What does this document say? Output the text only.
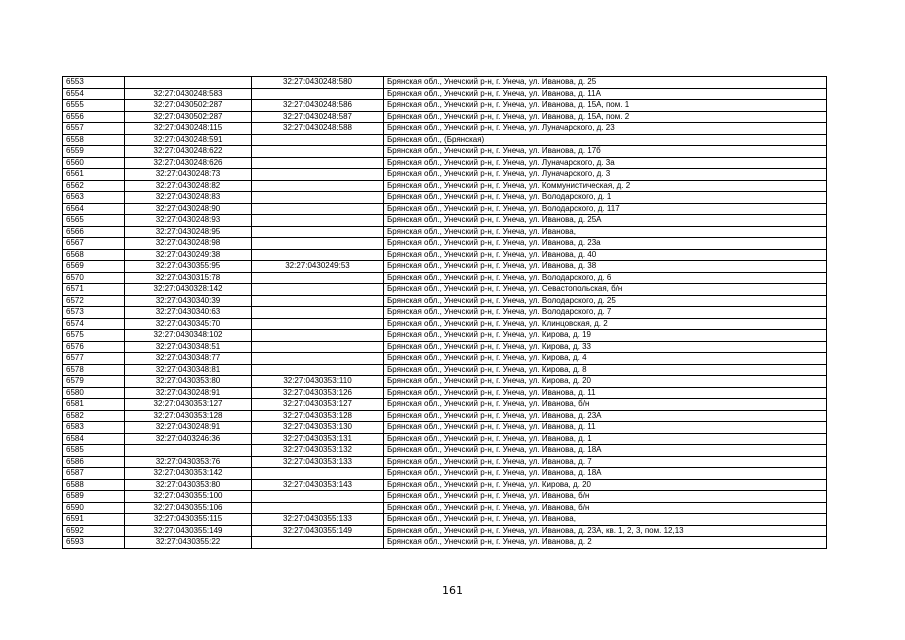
6553		32:27:0430248:580	Брянская обл., Унечский р-н, г. Унеча, ул. Иванова, д. 25
6554	32:27:0430248:583		Брянская обл., Унечский р-н, г. Унеча, ул. Иванова, д. 11А
6555	32:27:0430502:287	32:27:0430248:586	Брянская обл., Унечский р-н, г. Унеча, ул. Иванова, д. 15А, пом. 1
6556	32:27:0430502:287	32:27:0430248:587	Брянская обл., Унечский р-н, г. Унеча, ул. Иванова, д. 15А, пом. 2
6557	32:27:0430248:115	32:27:0430248:588	Брянская обл., Унечский р-н, г. Унеча, ул. Луначарского, д. 23
6558	32:27:0430248:591		Брянская обл., (Брянская)
6559	32:27:0430248:622		Брянская обл., Унечский р-н, г. Унеча, ул. Иванова, д. 17б
6560	32:27:0430248:626		Брянская обл., Унечский р-н, г. Унеча, ул. Луначарского, д. 3а
6561	32:27:0430248:73		Брянская обл., Унечский р-н, г. Унеча, ул. Луначарского, д. 3
6562	32:27:0430248:82		Брянская обл., Унечский р-н, г. Унеча, ул. Коммунистическая, д. 2
6563	32:27:0430248:83		Брянская обл., Унечский р-н, г. Унеча, ул. Володарского, д. 1
6564	32:27:0430248:90		Брянская обл., Унечский р-н, г. Унеча, ул. Володарского, д. 117
6565	32:27:0430248:93		Брянская обл., Унечский р-н, г. Унеча, ул. Иванова, д. 25А
6566	32:27:0430248:95		Брянская обл., Унечский р-н, г. Унеча, ул. Иванова,
6567	32:27:0430248:98		Брянская обл., Унечский р-н, г. Унеча, ул. Иванова, д. 23а
6568	32:27:0430249:38		Брянская обл., Унечский р-н, г. Унеча, ул. Иванова, д. 40
6569	32:27:0430355:95	32:27:0430249:53	Брянская обл., Унечский р-н, г. Унеча, ул. Иванова, д. 38
6570	32:27:0430315:78		Брянская обл., Унечский р-н, г. Унеча, ул. Володарского, д. 6
6571	32:27:0430328:142		Брянская обл., Унечский р-н, г. Унеча, ул. Севастопольская, б/н
6572	32:27:0430340:39		Брянская обл., Унечский р-н, г. Унеча, ул. Володарского, д. 25
6573	32:27:0430340:63		Брянская обл., Унечский р-н, г. Унеча, ул. Володарского, д. 7
6574	32:27:0430345:70		Брянская обл., Унечский р-н, г. Унеча, ул. Клинцовская, д. 2
6575	32:27:0430348:102		Брянская обл., Унечский р-н, г. Унеча, ул. Кирова, д. 19
6576	32:27:0430348:51		Брянская обл., Унечский р-н, г. Унеча, ул. Кирова, д. 33
6577	32:27:0430348:77		Брянская обл., Унечский р-н, г. Унеча, ул. Кирова, д. 4
6578	32:27:0430348:81		Брянская обл., Унечский р-н, г. Унеча, ул. Кирова, д. 8
6579	32:27:0430353:80	32:27:0430353:110	Брянская обл., Унечский р-н, г. Унеча, ул. Кирова, д. 20
6580	32:27:0430248:91	32:27:0430353:126	Брянская обл., Унечский р-н, г. Унеча, ул. Иванова, д. 11
6581	32:27:0430353:127	32:27:0430353:127	Брянская обл., Унечский р-н, г. Унеча, ул. Иванова, б/н
6582	32:27:0430353:128	32:27:0430353:128	Брянская обл., Унечский р-н, г. Унеча, ул. Иванова, д. 23А
6583	32:27:0430248:91	32:27:0430353:130	Брянская обл., Унечский р-н, г. Унеча, ул. Иванова, д. 11
6584	32:27:0403246:36	32:27:0430353:131	Брянская обл., Унечский р-н, г. Унеча, ул. Иванова, д. 1
6585		32:27:0430353:132	Брянская обл., Унечский р-н, г. Унеча, ул. Иванова, д. 18А
6586	32:27:0430353:76	32:27:0430353:133	Брянская обл., Унечский р-н, г. Унеча, ул. Иванова, д. 7
6587	32:27:0430353:142		Брянская обл., Унечский р-н, г. Унеча, ул. Иванова, д. 18А
6588	32:27:0430353:80	32:27:0430353:143	Брянская обл., Унечский р-н, г. Унеча, ул. Кирова, д. 20
6589	32:27:0430355:100		Брянская обл., Унечский р-н, г. Унеча, ул. Иванова, б/н
6590	32:27:0430355:106		Брянская обл., Унечский р-н, г. Унеча, ул. Иванова, б/н
6591	32:27:0430355:115	32:27:0430355:133	Брянская обл., Унечский р-н, г. Унеча, ул. Иванова,
6592	32:27:0430355:149	32:27:0430355:149	Брянская обл., Унечский р-н, г. Унеча, ул. Иванова, д. 23А, кв. 1, 2, 3, пом. 12,13
6593	32:27:0430355:22		Брянская обл., Унечский р-н, г. Унеча, ул. Иванова, д. 2
161
